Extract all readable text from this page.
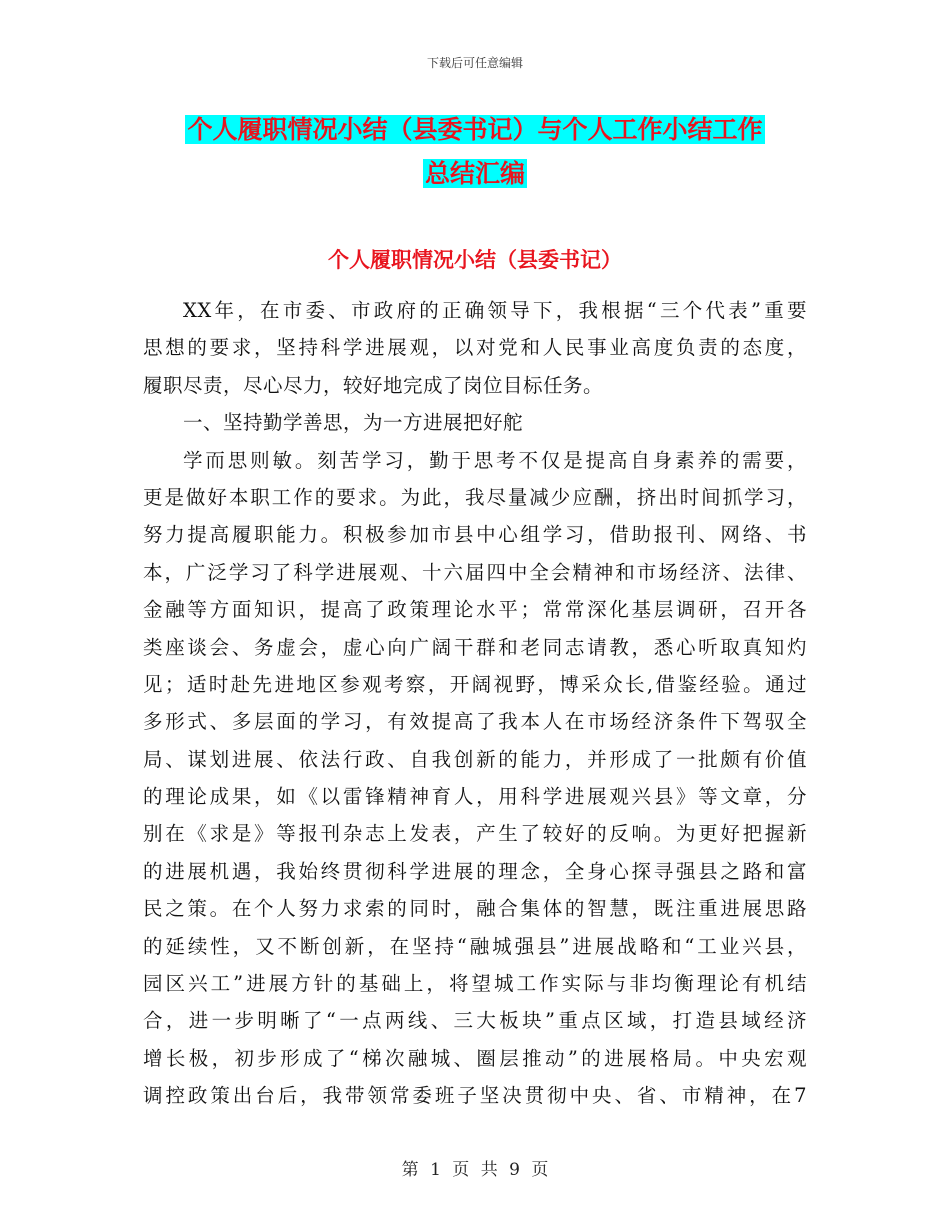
下载后可任意编辑
个人履职情况小结（县委书记）与个人工作小结工作
总结汇编
个人履职情况小结（县委书记）
XX年，在市委、市政府的正确领导下，我根据“三个代表”重要
思想的要求，坚持科学进展观，以对党和人民事业高度负责的态度，
履职尽责，尽心尽力，较好地完成了岗位目标任务。
一、坚持勤学善思，为一方进展把好舵
学而思则敏。刻苦学习，勤于思考不仅是提高自身素养的需要，
更是做好本职工作的要求。为此，我尽量减少应酬，挤出时间抓学习，
努力提高履职能力。积极参加市县中心组学习，借助报刊、网络、书
本，广泛学习了科学进展观、十六届四中全会精神和市场经济、法律、
金融等方面知识，提高了政策理论水平；常常深化基层调研，召开各
类座谈会、务虚会，虚心向广阔干群和老同志请教，悉心听取真知灼
见；适时赴先进地区参观考察，开阔视野，博采众长,借鉴经验。通过
多形式、多层面的学习，有效提高了我本人在市场经济条件下驾驭全
局、谋划进展、依法行政、自我创新的能力，并形成了一批颇有价值
的理论成果，如《以雷锋精神育人，用科学进展观兴县》等文章，分
别在《求是》等报刊杂志上发表，产生了较好的反响。为更好把握新
的进展机遇，我始终贯彻科学进展的理念，全身心探寻强县之路和富
民之策。在个人努力求索的同时，融合集体的智慧，既注重进展思路
的延续性，又不断创新，在坚持“融城强县”进展战略和“工业兴县，
园区兴工”进展方针的基础上，将望城工作实际与非均衡理论有机结
合，进一步明晰了“一点两线、三大板块”重点区域，打造县域经济
增长极，初步形成了“梯次融城、圈层推动”的进展格局。中央宏观
调控政策出台后，我带领常委班子坚决贯彻中央、省、市精神，在7
第 1 页 共 9 页
